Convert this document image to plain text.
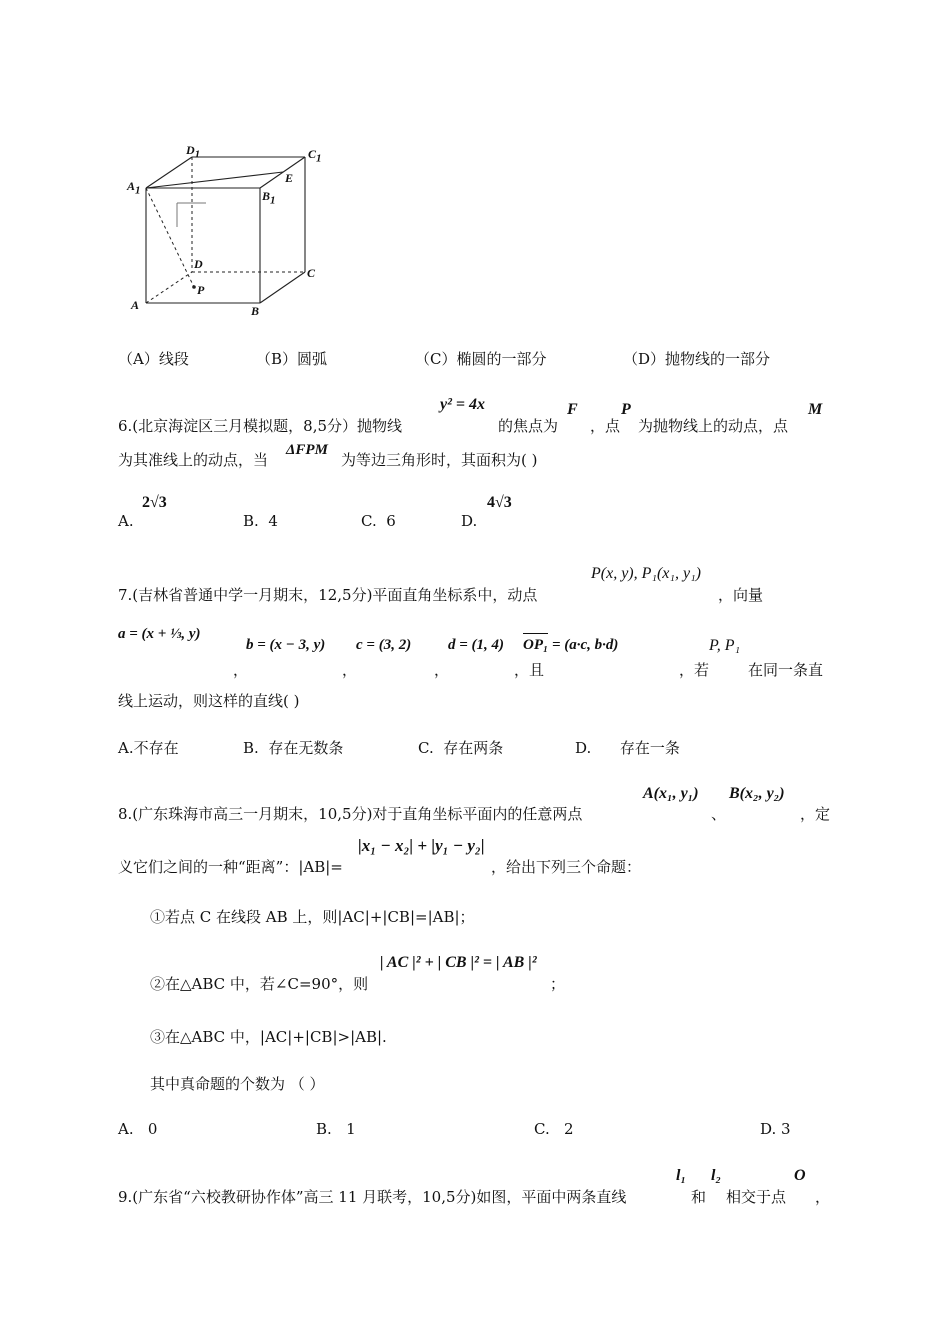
$D_1$	$C_1$
$A_1$
E
$B_1$
D
C
P
A	B
（A）线段	（B）圆弧	（C）椭圆的一部分	（D）抛物线的一部分
6.(北京海淀区三月模拟题，8,5分）抛物线
y² = 4x
的焦点为
F
，点
P
为抛物线上的动点，点
M
为其准线上的动点，当
ΔFPM
为等边三角形时，其面积为( )
A.
2√3
B. 4	C. 6	D.
4√3
P(x, y), P₁(x₁, y₁)
7.(吉林省普通中学一月期末，12,5分)平面直角坐标系中，动点	，向量
a = (x + ⅓, y)
，
b = (x − 3, y)
，
c = (3, 2)
，
d = (1, 4) OP₁ = (a·c, b·d)
，且
P, P₁
，若	在同一条直
线上运动，则这样的直线( )
A.不存在	B. 存在无数条	C. 存在两条	D. 存在一条
8.(广东珠海市高三一月期末，10,5分)对于直角坐标平面内的任意两点
A(x₁, y₁)
、
B(x₂, y₂)
，定
义它们之间的一种“距离”：|AB|=
|x₁ − x₂| + |y₁ − y₂|
，给出下列三个命题：
①若点 C 在线段 AB 上，则|AC|+|CB|=|AB|；
②在△ABC 中，若∠C=90°，则
| AC |² + | CB |² = | AB |²
；
③在△ABC 中，|AC|+|CB|>|AB|.
其中真命题的个数为 （ ）
A. 0	B. 1	C. 2	D. 3
9.(广东省“六校教研协作体”高三 11 月联考，10,5分)如图，平面中两条直线
l₁
和
l₂
相交于点
O
，
